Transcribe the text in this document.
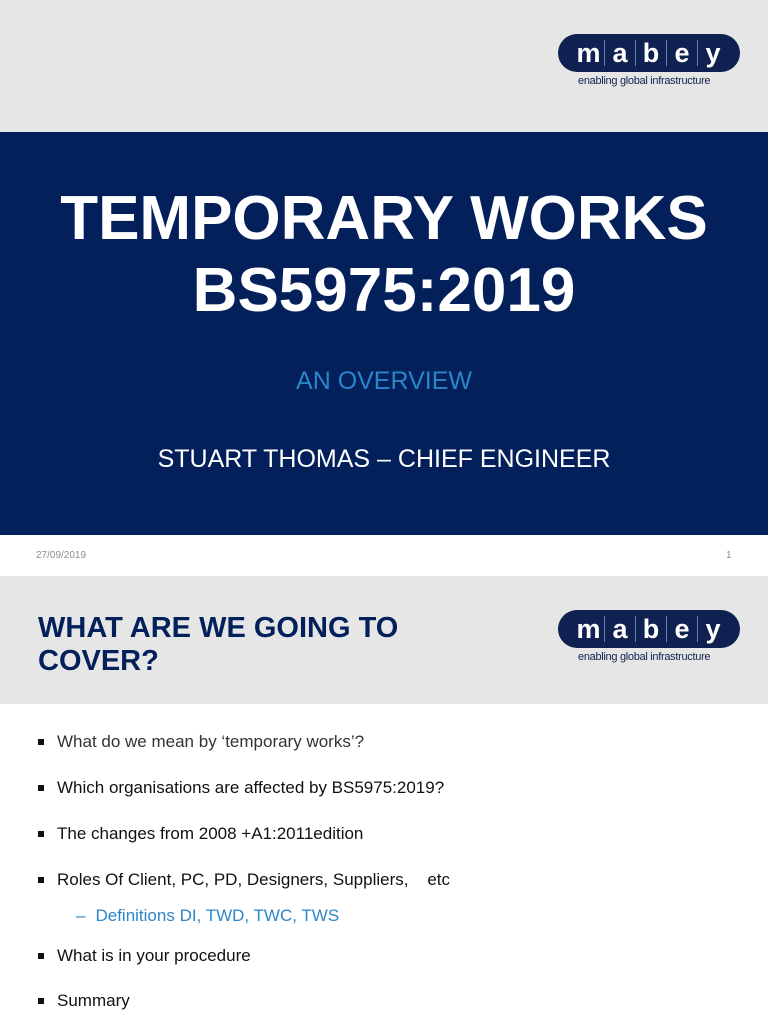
m a b e y
enabling global infrastructure
TEMPORARY WORKS
BS5975:2019
AN OVERVIEW
STUART THOMAS – CHIEF ENGINEER
27/09/2019	1
WHAT ARE WE GOING TO
COVER?
m a b e y
enabling global infrastructure
What do we mean by ‘temporary works’?
Which organisations are affected by BS5975:2019?
The changes from 2008 +A1:2011edition
Roles Of Client, PC, PD, Designers, Suppliers,    etc
– Definitions DI, TWD, TWC, TWS
What is in your procedure
Summary
